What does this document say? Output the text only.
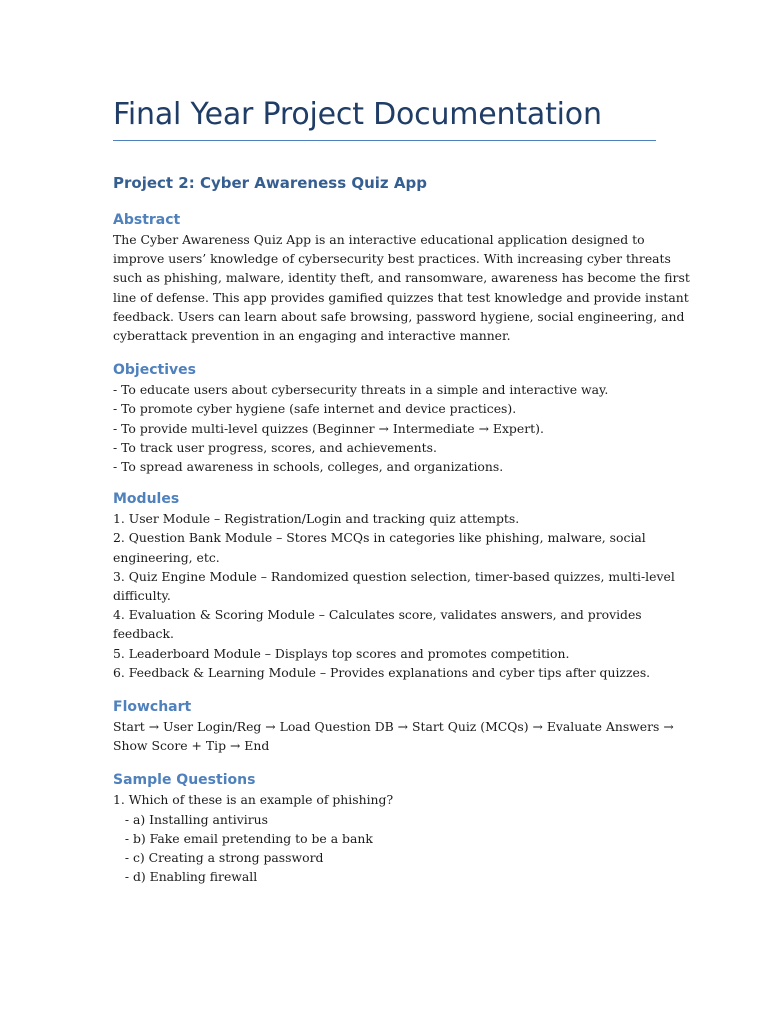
Final Year Project Documentation
Project 2: Cyber Awareness Quiz App
Abstract

The Cyber Awareness Quiz App is an interactive educational application designed to
improve users’ knowledge of cybersecurity best practices. With increasing cyber threats
such as phishing, malware, identity theft, and ransomware, awareness has become the first
line of defense. This app provides gamified quizzes that test knowledge and provide instant
feedback. Users can learn about safe browsing, password hygiene, social engineering, and
cyberattack prevention in an engaging and interactive manner.

Objectives

- To educate users about cybersecurity threats in a simple and interactive way.
- To promote cyber hygiene (safe internet and device practices).
- To provide multi-level quizzes (Beginner → Intermediate → Expert).
- To track user progress, scores, and achievements.
- To spread awareness in schools, colleges, and organizations.

Modules

1. User Module – Registration/Login and tracking quiz attempts.
2. Question Bank Module – Stores MCQs in categories like phishing, malware, social
engineering, etc.
3. Quiz Engine Module – Randomized question selection, timer-based quizzes, multi-level
difficulty.
4. Evaluation & Scoring Module – Calculates score, validates answers, and provides
feedback.
5. Leaderboard Module – Displays top scores and promotes competition.
6. Feedback & Learning Module – Provides explanations and cyber tips after quizzes.

Flowchart

Start → User Login/Reg → Load Question DB → Start Quiz (MCQs) → Evaluate Answers →
Show Score + Tip → End

Sample Questions

1. Which of these is an example of phishing?
- a) Installing antivirus
- b) Fake email pretending to be a bank
- c) Creating a strong password
- d) Enabling firewall
